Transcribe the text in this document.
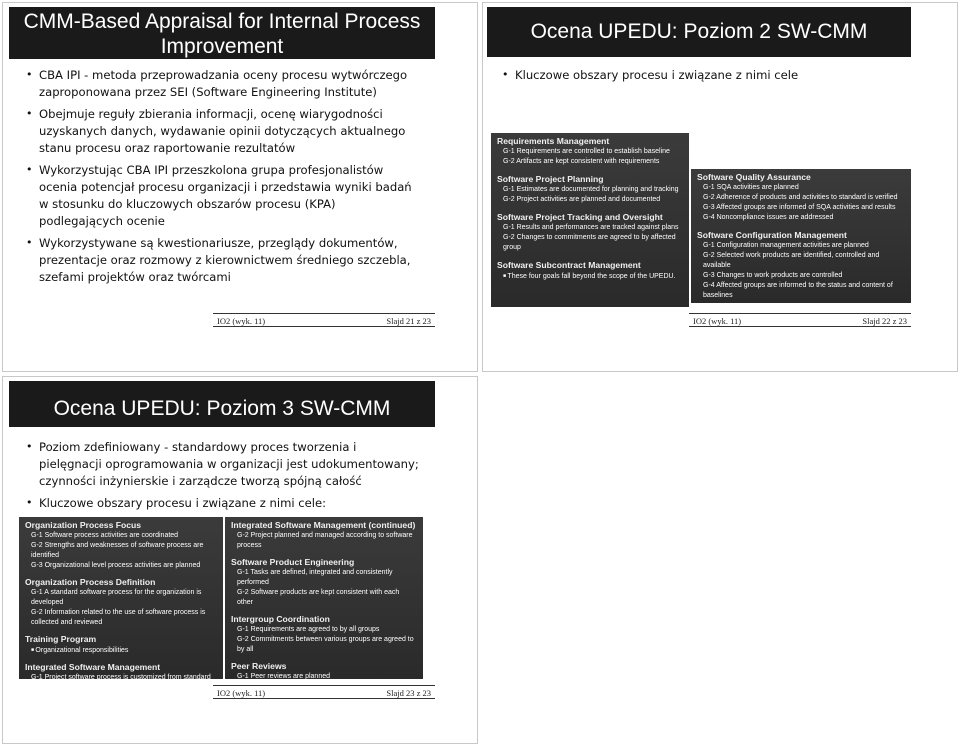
CMM-Based Appraisal for Internal Process Improvement
• CBA IPI - metoda przeprowadzania oceny procesu wytwórczego zaproponowana przez SEI (Software Engineering Institute)
• Obejmuje reguły zbierania informacji, ocenę wiarygodności uzyskanych danych, wydawanie opinii dotyczących aktualnego stanu procesu oraz raportowanie rezultatów
• Wykorzystując CBA IPI przeszkolona grupa profesjonalistów ocenia potencjał procesu organizacji i przedstawia wyniki badań w stosunku do kluczowych obszarów procesu (KPA) podlegających ocenie
• Wykorzystywane są kwestionariusze, przeglądy dokumentów, prezentacje oraz rozmowy z kierownictwem średniego szczebla, szefami projektów oraz twórcami
IO2 (wyk. 11)	Slajd 21 z 23
Ocena UPEDU: Poziom 2 SW-CMM
• Kluczowe obszary procesu i związane z nimi cele
Requirements Management
G-1 Requirements are controlled to establish baseline
G-2 Artifacts are kept consistent with requirements
Software Project Planning
G-1 Estimates are documented for planning and tracking
G-2 Project activities are planned and documented
Software Project Tracking and Oversight
G-1 Results and performances are tracked against plans
G-2 Changes to commitments are agreed to by affected group
Software Subcontract Management
■ These four goals fall beyond the scope of the UPEDU.
Software Quality Assurance
G-1 SQA activities are planned
G-2 Adherence of products and activities to standard is verified
G-3 Affected groups are informed of SQA activities and results
G-4 Noncompliance issues are addressed
Software Configuration Management
G-1 Configuration management activities are planned
G-2 Selected work products are identified, controlled and available
G-3 Changes to work products are controlled
G-4 Affected groups are informed to the status and content of baselines
IO2 (wyk. 11)	Slajd 22 z 23
Ocena UPEDU: Poziom 3 SW-CMM
• Poziom zdefiniowany - standardowy proces tworzenia i pielęgnacji oprogramowania w organizacji jest udokumentowany; czynności inżynierskie i zarządcze tworzą spójną całość
• Kluczowe obszary procesu i związane z nimi cele:
Organization Process Focus
G-1 Software process activities are coordinated
G-2 Strengths and weaknesses of software process are identified
G-3 Organizational level process activities are planned
Organization Process Definition
G-1 A standard software process for the organization is developed
G-2 Information related to the use of software process is collected and reviewed
Training Program
■ Organizational responsibilities
Integrated Software Management
G-1 Project software process is customized from standard process
Integrated Software Management (continued)
G-2 Project planned and managed according to software process
Software Product Engineering
G-1 Tasks are defined, integrated and consistently performed
G-2 Software products are kept consistent with each other
Intergroup Coordination
G-1 Requirements are agreed to by all groups
G-2 Commitments between various groups are agreed to by all
Peer Reviews
G-1 Peer reviews are planned
G-2 Defects are identified and removed
IO2 (wyk. 11)	Slajd 23 z 23
